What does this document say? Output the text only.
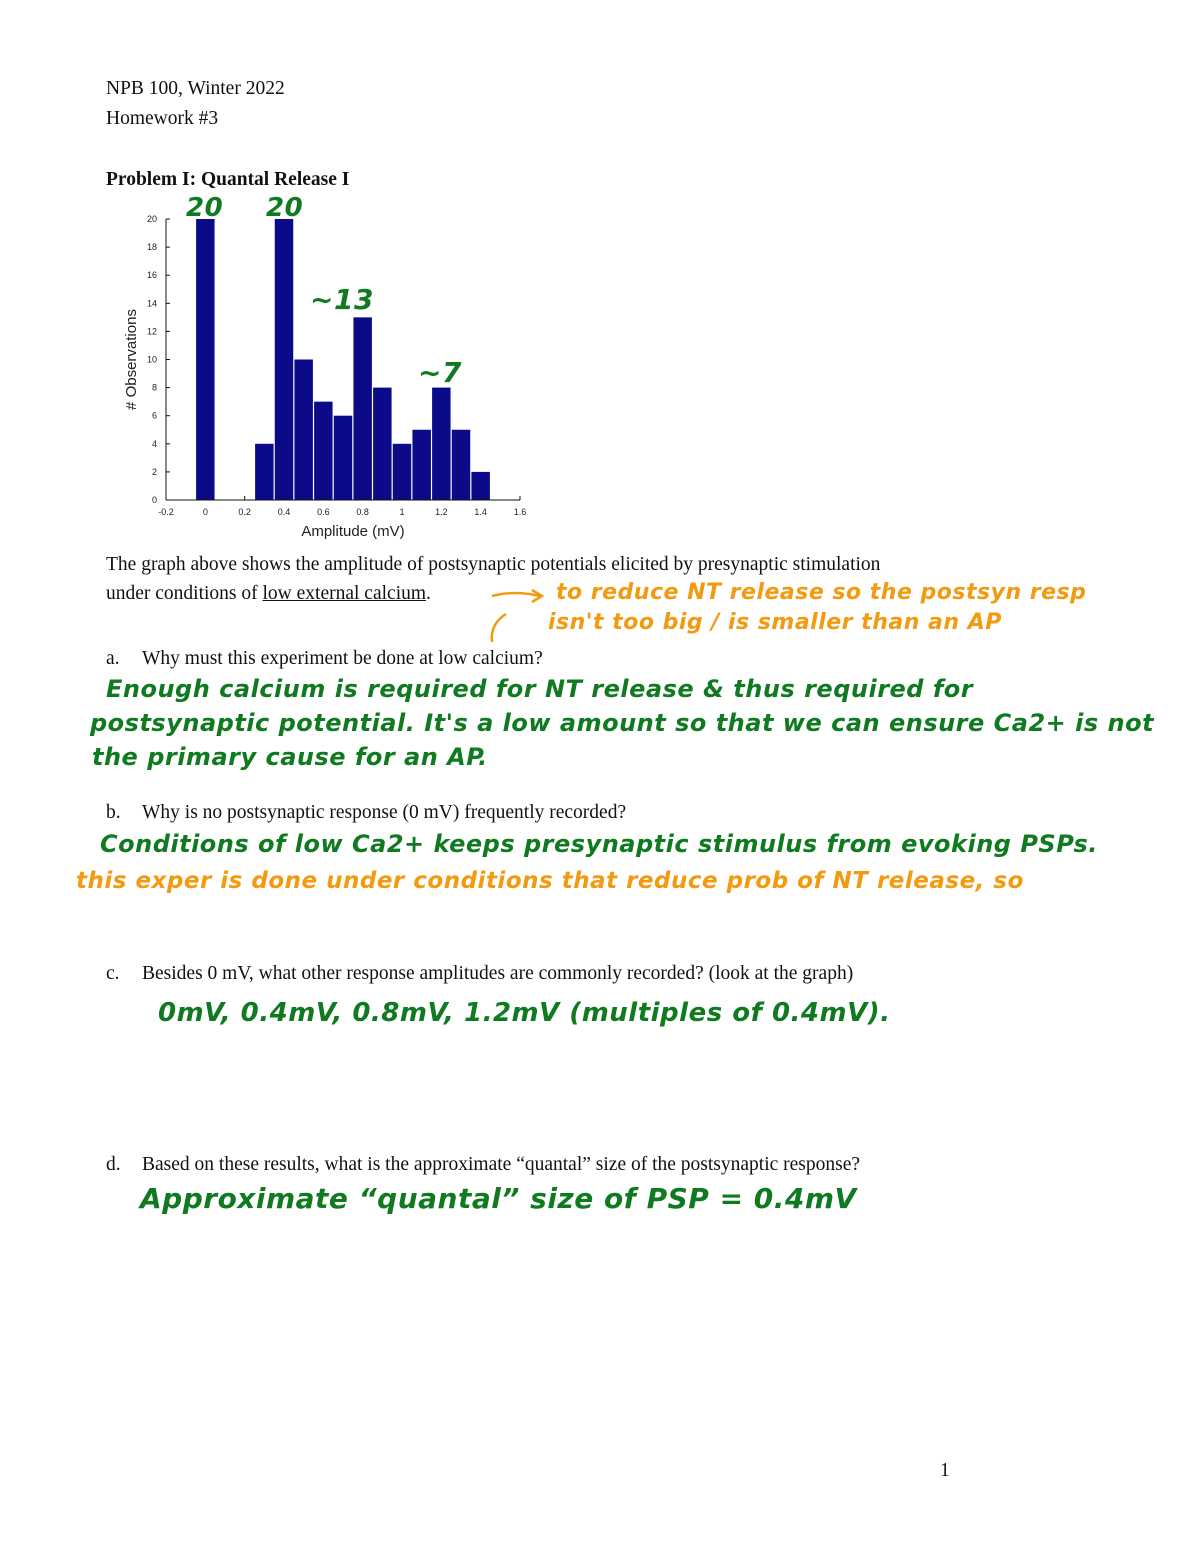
NPB 100, Winter 2022
Homework #3
Problem I: Quantal Release I
-0.2	0	0.2	0.4	0.6	0.8	1	1.2	1.4	1.6
0
2
4
6
8
10
12
14
16
18
20
Amplitude (mV)
# Observations
20 20
~13
~7
The graph above shows the amplitude of postsynaptic potentials elicited by presynaptic stimulation
under conditions of low external calcium.	to reduce NT release so the postsyn resp
isn't too big / is smaller than an AP
a. Why must this experiment be done at low calcium?
Enough calcium is required for NT release & thus required for
postsynaptic potential. It's a low amount so that we can ensure Ca2+ is not
the primary cause for an AP.
b. Why is no postsynaptic response (0 mV) frequently recorded?
Conditions of low Ca2+ keeps presynaptic stimulus from evoking PSPs.
this exper is done under conditions that reduce prob of NT release, so
c. Besides 0 mV, what other response amplitudes are commonly recorded? (look at the graph)
0mV, 0.4mV, 0.8mV, 1.2mV (multiples of 0.4mV).
d. Based on these results, what is the approximate “quantal” size of the postsynaptic response?
Approximate “quantal” size of PSP = 0.4mV
1
